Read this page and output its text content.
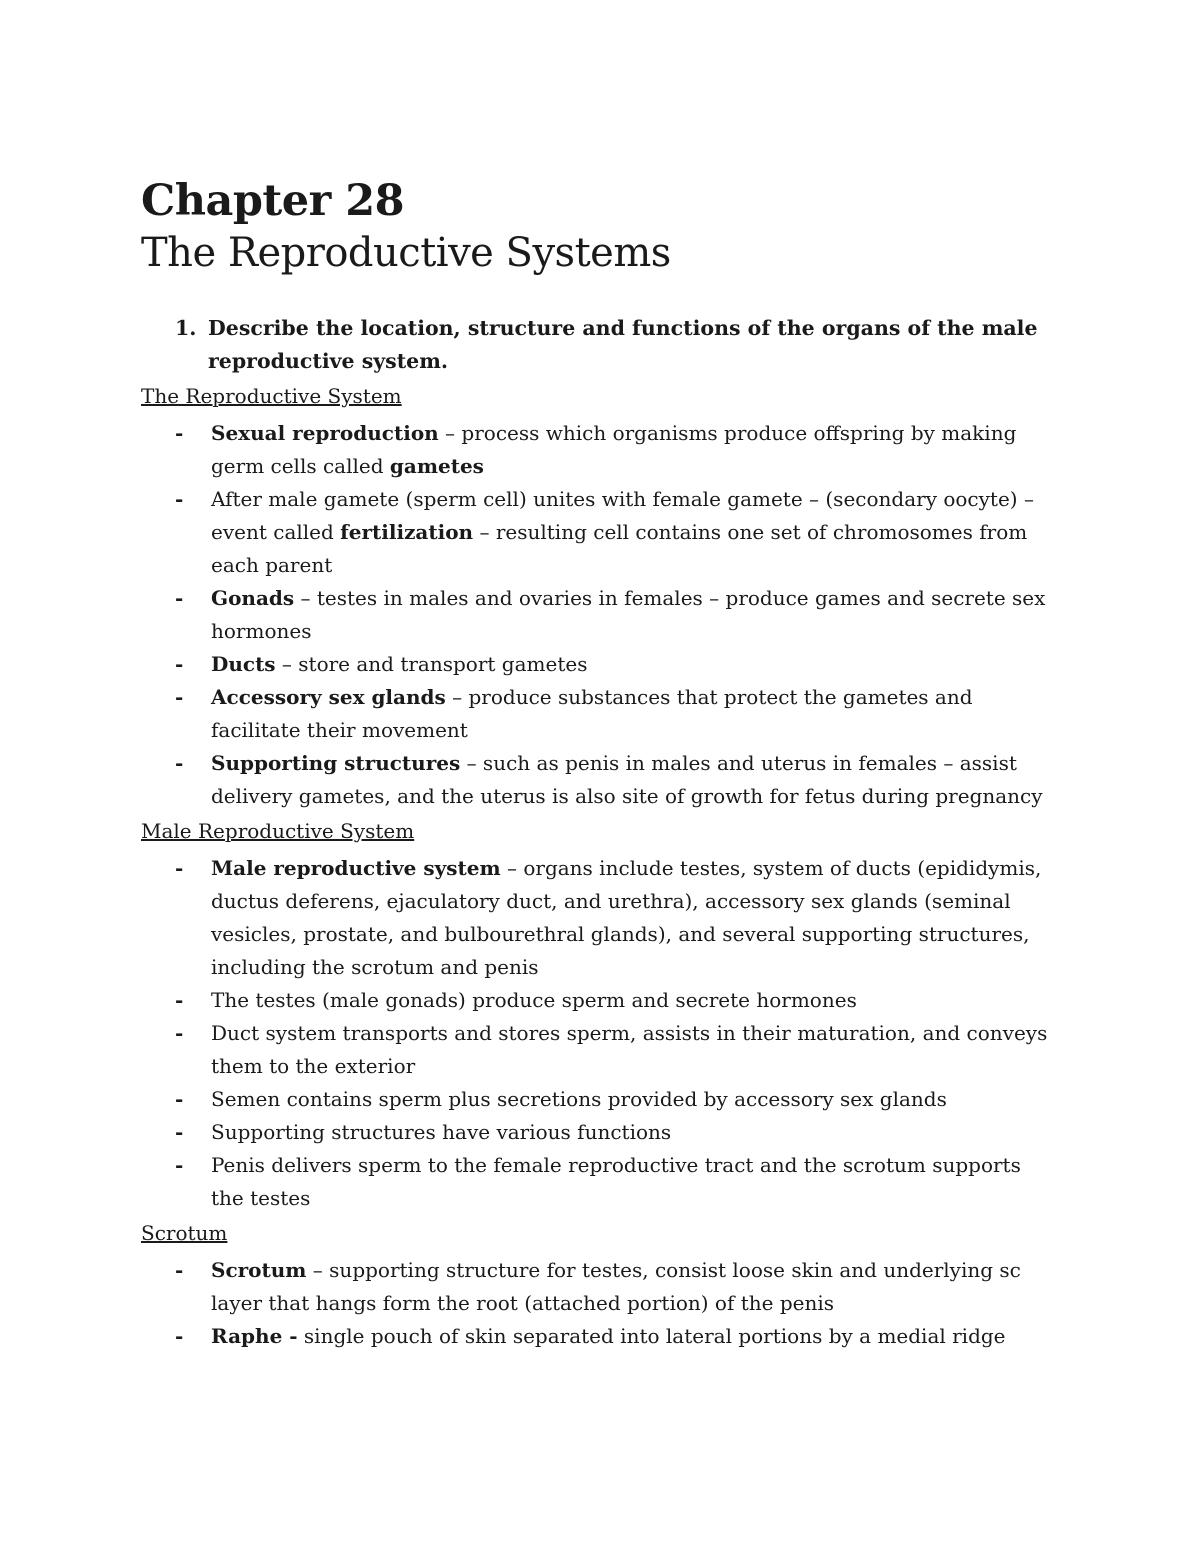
Chapter 28
The Reproductive Systems
1. Describe the location, structure and functions of the organs of the male reproductive system.
The Reproductive System
-	Sexual reproduction – process which organisms produce offspring by making germ cells called gametes
-	After male gamete (sperm cell) unites with female gamete – (secondary oocyte) – event called fertilization – resulting cell contains one set of chromosomes from each parent
-	Gonads – testes in males and ovaries in females – produce games and secrete sex hormones
-	Ducts – store and transport gametes
-	Accessory sex glands – produce substances that protect the gametes and facilitate their movement
-	Supporting structures – such as penis in males and uterus in females – assist delivery gametes, and the uterus is also site of growth for fetus during pregnancy
Male Reproductive System
-	Male reproductive system – organs include testes, system of ducts (epididymis, ductus deferens, ejaculatory duct, and urethra), accessory sex glands (seminal vesicles, prostate, and bulbourethral glands), and several supporting structures, including the scrotum and penis
-	The testes (male gonads) produce sperm and secrete hormones
-	Duct system transports and stores sperm, assists in their maturation, and conveys them to the exterior
-	Semen contains sperm plus secretions provided by accessory sex glands
-	Supporting structures have various functions
-	Penis delivers sperm to the female reproductive tract and the scrotum supports the testes
Scrotum
-	Scrotum – supporting structure for testes, consist loose skin and underlying sc layer that hangs form the root (attached portion) of the penis
-	Raphe - single pouch of skin separated into lateral portions by a medial ridge
